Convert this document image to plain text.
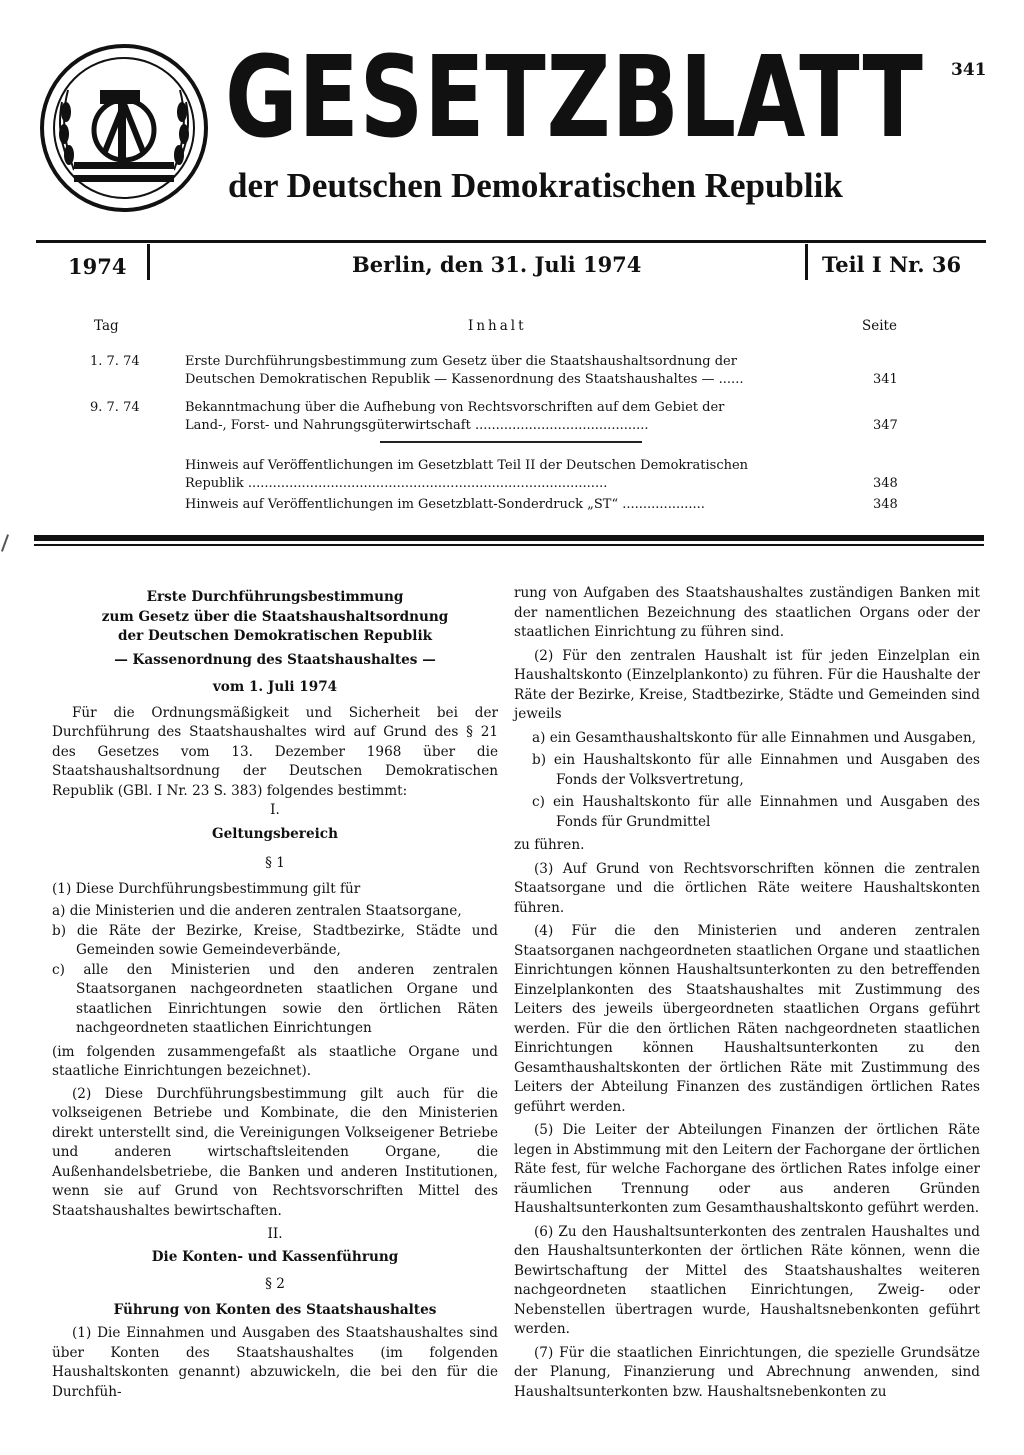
GESETZBLATT
der Deutschen Demokratischen Republik
341
1974	Berlin, den 31. Juli 1974	Teil I Nr. 36
Tag	Inhalt	Seite
1. 7. 74	Erste Durchführungsbestimmung zum Gesetz über die Staatshaushaltsordnung der
Deutschen Demokratischen Republik — Kassenordnung des Staatshaushaltes — ......	341
9. 7. 74	Bekanntmachung über die Aufhebung von Rechtsvorschriften auf dem Gebiet der
Land-, Forst- und Nahrungsgüterwirtschaft ..........................................	347
Hinweis auf Veröffentlichungen im Gesetzblatt Teil II der Deutschen Demokratischen
Republik .......................................................................................	348
Hinweis auf Veröffentlichungen im Gesetzblatt-Sonderdruck „ST“ ....................	348

Erste Durchführungsbestimmung

zum Gesetz über die Staatshaushaltsordnung

der Deutschen Demokratischen Republik

— Kassenordnung des Staatshaushaltes —

vom 1. Juli 1974

Für die Ordnungsmäßigkeit und Sicherheit bei der Durchführung des Staatshaushaltes wird auf Grund des § 21 des Gesetzes vom 13. Dezember 1968 über die Staatshaushaltsordnung der Deutschen Demokratischen Republik (GBl. I Nr. 23 S. 383) folgendes bestimmt:

I.

Geltungsbereich

§ 1

(1) Diese Durchführungsbestimmung gilt für

a) die Ministerien und die anderen zentralen Staatsorgane,

b) die Räte der Bezirke, Kreise, Stadtbezirke, Städte und Gemeinden sowie Gemeindeverbände,

c) alle den Ministerien und den anderen zentralen Staatsorganen nachgeordneten staatlichen Organe und staatlichen Einrichtungen sowie den örtlichen Räten nachgeordneten staatlichen Einrichtungen

(im folgenden zusammengefaßt als staatliche Organe und staatliche Einrichtungen bezeichnet).

(2) Diese Durchführungsbestimmung gilt auch für die volkseigenen Betriebe und Kombinate, die den Ministerien direkt unterstellt sind, die Vereinigungen Volkseigener Betriebe und anderen wirtschaftsleitenden Organe, die Außenhandelsbetriebe, die Banken und anderen Institutionen, wenn sie auf Grund von Rechtsvorschriften Mittel des Staatshaushaltes bewirtschaften.

II.

Die Konten- und Kassenführung

§ 2

Führung von Konten des Staatshaushaltes

(1) Die Einnahmen und Ausgaben des Staatshaushaltes sind über Konten des Staatshaushaltes (im folgenden Haushaltskonten genannt) abzuwickeln, die bei den für die Durchfüh-

rung von Aufgaben des Staatshaushaltes zuständigen Banken mit der namentlichen Bezeichnung des staatlichen Organs oder der staatlichen Einrichtung zu führen sind.

(2) Für den zentralen Haushalt ist für jeden Einzelplan ein Haushaltskonto (Einzelplankonto) zu führen. Für die Haushalte der Räte der Bezirke, Kreise, Stadtbezirke, Städte und Gemeinden sind jeweils

a) ein Gesamthaushaltskonto für alle Einnahmen und Ausgaben,

b) ein Haushaltskonto für alle Einnahmen und Ausgaben des Fonds der Volksvertretung,

c) ein Haushaltskonto für alle Einnahmen und Ausgaben des Fonds für Grundmittel

zu führen.

(3) Auf Grund von Rechtsvorschriften können die zentralen Staatsorgane und die örtlichen Räte weitere Haushaltskonten führen.

(4) Für die den Ministerien und anderen zentralen Staatsorganen nachgeordneten staatlichen Organe und staatlichen Einrichtungen können Haushaltsunterkonten zu den betreffenden Einzelplankonten des Staatshaushaltes mit Zustimmung des Leiters des jeweils übergeordneten staatlichen Organs geführt werden. Für die den örtlichen Räten nachgeordneten staatlichen Einrichtungen können Haushaltsunterkonten zu den Gesamthaushaltskonten der örtlichen Räte mit Zustimmung des Leiters der Abteilung Finanzen des zuständigen örtlichen Rates geführt werden.

(5) Die Leiter der Abteilungen Finanzen der örtlichen Räte legen in Abstimmung mit den Leitern der Fachorgane der örtlichen Räte fest, für welche Fachorgane des örtlichen Rates infolge einer räumlichen Trennung oder aus anderen Gründen Haushaltsunterkonten zum Gesamthaushaltskonto geführt werden.

(6) Zu den Haushaltsunterkonten des zentralen Haushaltes und den Haushaltsunterkonten der örtlichen Räte können, wenn die Bewirtschaftung der Mittel des Staatshaushaltes weiteren nachgeordneten staatlichen Einrichtungen, Zweig- oder Nebenstellen übertragen wurde, Haushaltsnebenkonten geführt werden.

(7) Für die staatlichen Einrichtungen, die spezielle Grundsätze der Planung, Finanzierung und Abrechnung anwenden, sind Haushaltsunterkonten bzw. Haushaltsnebenkonten zu
